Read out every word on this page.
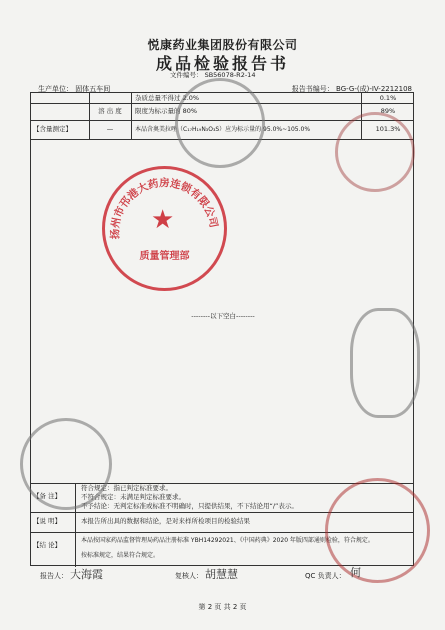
悦康药业集团股份有限公司
成品检验报告书
文件编号： SB56078-R2-14
生产单位： 固体五车间	报告书编号： BG-G-(成)-IV-2212108
杂质总量不得过 2.0%	0.1%
溶 出 度	限度为标示量的 80%	89%
【含量测定】	—	本品含奥美拉唑（C₁₇H₁₉N₃O₃S）应为标示量的 95.0%~105.0%	101.3%
--------以下空白--------
【备 注】
符合规定：指已判定标准要求。
不符合规定：未满足判定标准要求。
不予结论：无判定标准或标准不明确时，只提供结果，不下结论用“/”表示。
【说 明】	本报告所出具的数据和结论，是对来样所检项目的检验结果
【结 论】
本品按国家药品监督管理局药品注册标准 YBH14292021、《中国药典》2020 年版四部通则检验，符合规定。
按标准规定，结果符合规定。
扬州市邗港大药房连锁有限公司
★
质量管理部
报告人： 大海霞	复核人： 胡慧慧	QC 负责人： 何
第 2 页 共 2 页
